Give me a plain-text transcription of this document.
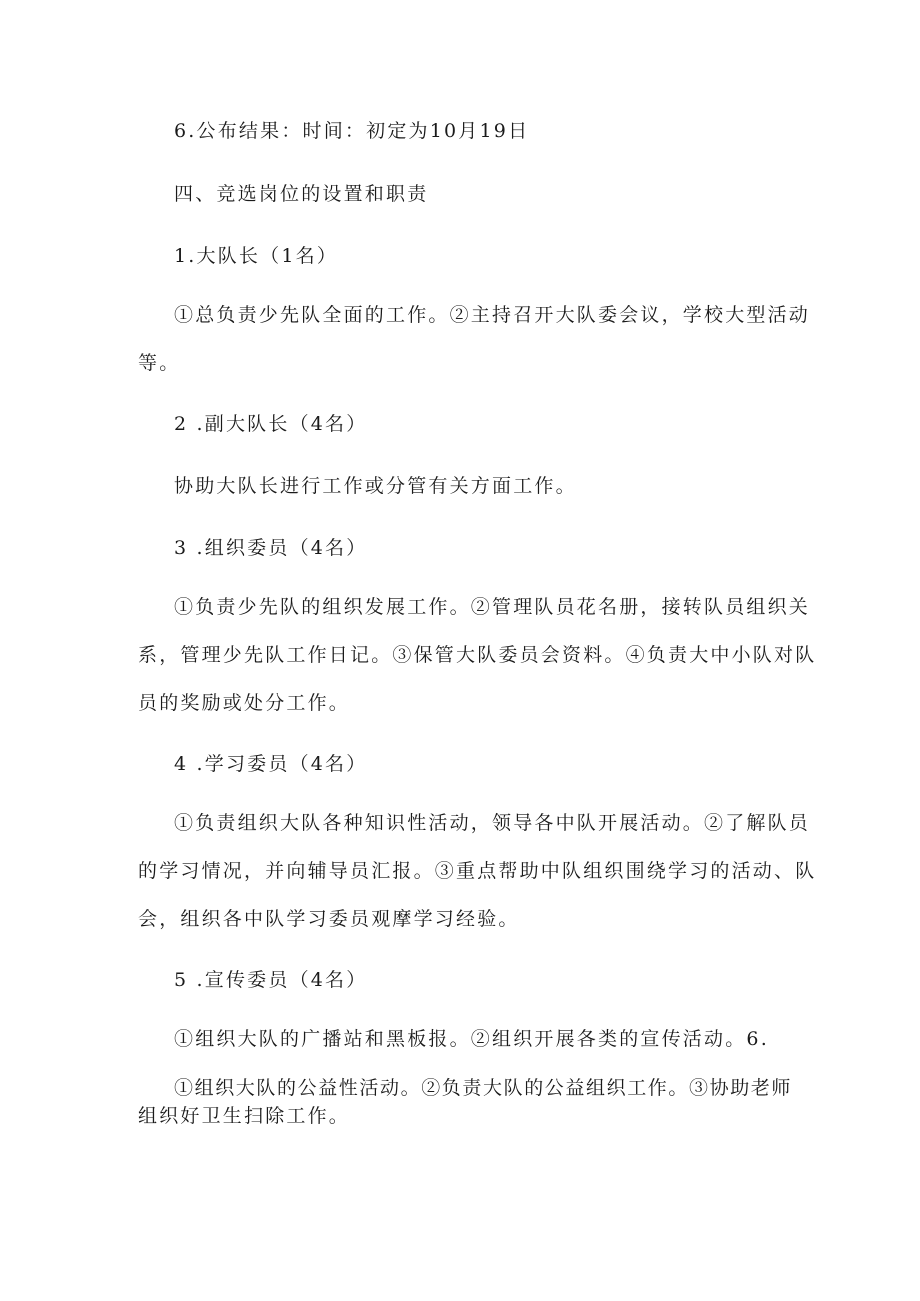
6.公布结果：时间：初定为10月19日
四、竞选岗位的设置和职责
1.大队长（1名）
①总负责少先队全面的工作。②主持召开大队委会议，学校大型活动
等。
2 .副大队长（4名）
协助大队长进行工作或分管有关方面工作。
3 .组织委员（4名）
①负责少先队的组织发展工作。②管理队员花名册，接转队员组织关
系，管理少先队工作日记。③保管大队委员会资料。④负责大中小队对队
员的奖励或处分工作。
4 .学习委员（4名）
①负责组织大队各种知识性活动，领导各中队开展活动。②了解队员
的学习情况，并向辅导员汇报。③重点帮助中队组织围绕学习的活动、队
会，组织各中队学习委员观摩学习经验。
5 .宣传委员（4名）
①组织大队的广播站和黑板报。②组织开展各类的宣传活动。6.
①组织大队的公益性活动。②负责大队的公益组织工作。③协助老师
组织好卫生扫除工作。
